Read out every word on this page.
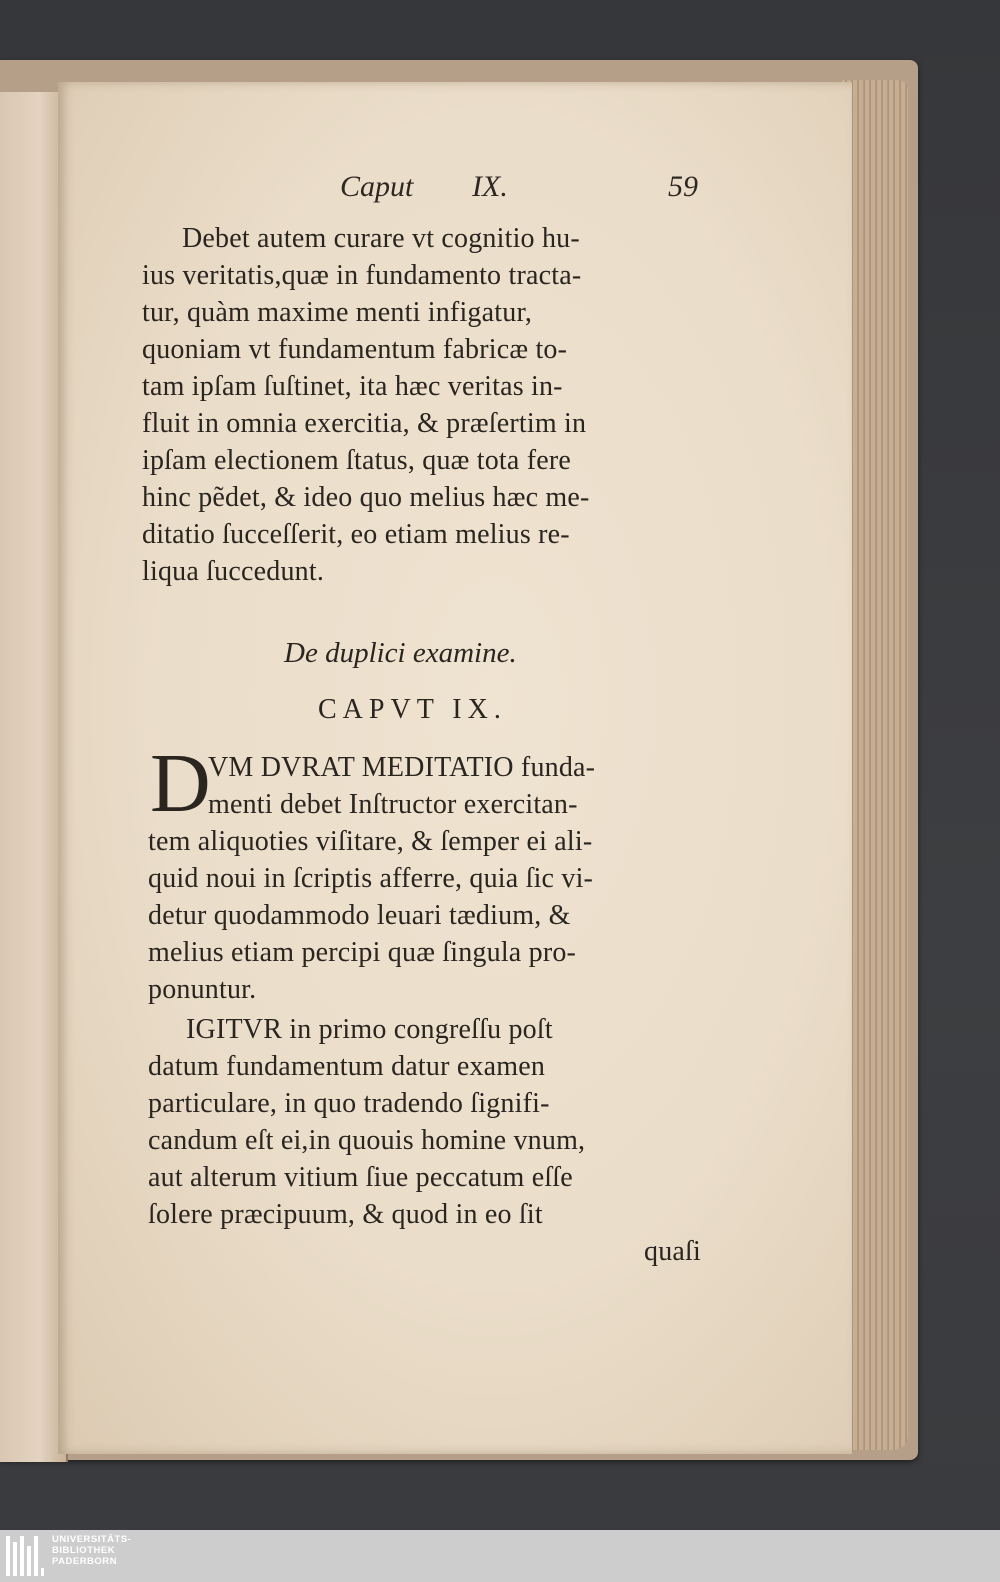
Caput IX.	59
Debet autem curare vt cognitio hu-
ius veritatis,quæ in fundamento tracta-
tur, quàm maxime menti infigatur,
quoniam vt fundamentum fabricæ to-
tam ipſam ſuſtinet, ita hæc veritas in-
fluit in omnia exercitia, & præſertim in
ipſam electionem ſtatus, quæ tota fere
hinc pẽdet, & ideo quo melius hæc me-
ditatio ſucceſſerit, eo etiam melius re-
liqua ſuccedunt.
De duplici examine.
CAPVT IX.
D
VM DVRAT MEDITATIO funda-
menti debet Inſtructor exercitan-
tem aliquoties viſitare, & ſemper ei ali-
quid noui in ſcriptis afferre, quia ſic vi-
detur quodammodo leuari tædium, &
melius etiam percipi quæ ſingula pro-
ponuntur.
IGITVR in primo congreſſu poſt
datum fundamentum datur examen
particulare, in quo tradendo ſignifi-
candum eſt ei,in quouis homine vnum,
aut alterum vitium ſiue peccatum eſſe
ſolere præcipuum, & quod in eo ſit
quaſi
UNIVERSITÄTS-
BIBLIOTHEK
PADERBORN
